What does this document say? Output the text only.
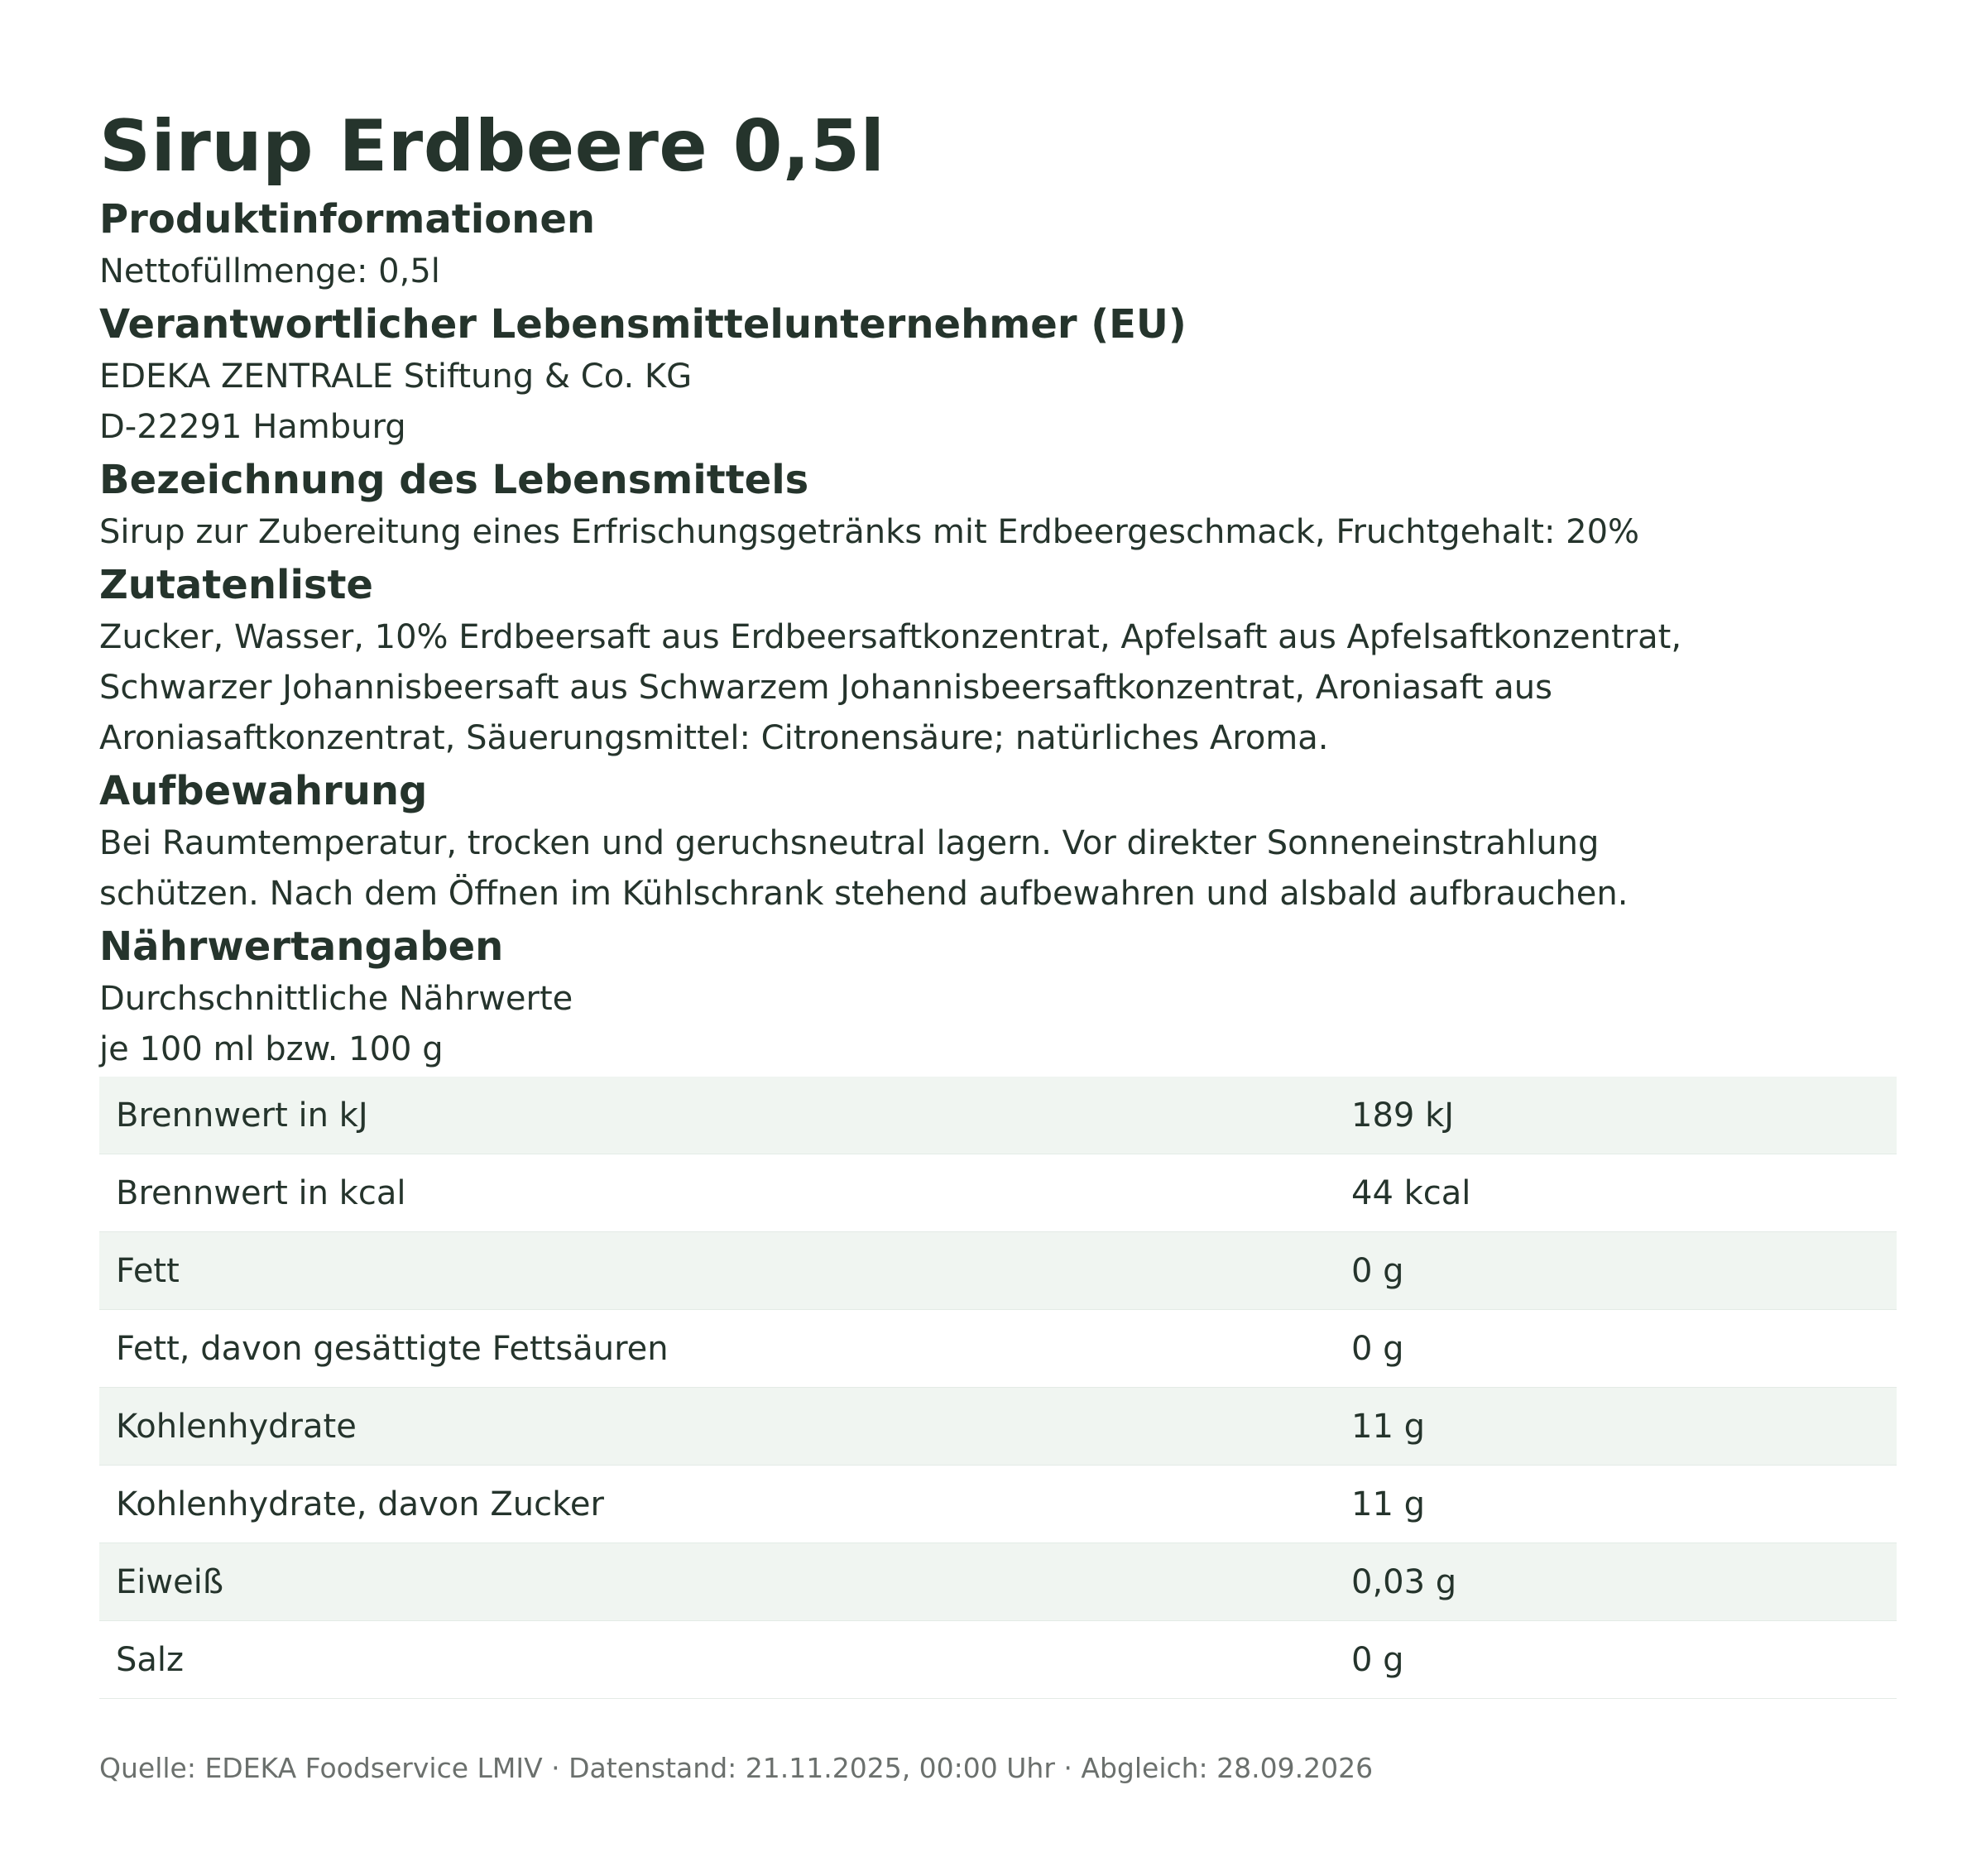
Sirup Erdbeere 0,5l
Produktinformationen

Nettofüllmenge: 0,5l

Verantwortlicher Lebensmittelunternehmer (EU)

EDEKA ZENTRALE Stiftung & Co. KG

D-22291 Hamburg

Bezeichnung des Lebensmittels

Sirup zur Zubereitung eines Erfrischungsgetränks mit Erdbeergeschmack, Fruchtgehalt: 20%

Zutatenliste

Zucker, Wasser, 10% Erdbeersaft aus Erdbeersaftkonzentrat, Apfelsaft aus Apfelsaftkonzentrat,

Schwarzer Johannisbeersaft aus Schwarzem Johannisbeersaftkonzentrat, Aroniasaft aus

Aroniasaftkonzentrat, Säuerungsmittel: Citronensäure; natürliches Aroma.

Aufbewahrung

Bei Raumtemperatur, trocken und geruchsneutral lagern. Vor direkter Sonneneinstrahlung

schützen. Nach dem Öffnen im Kühlschrank stehend aufbewahren und alsbald aufbrauchen.

Nährwertangaben

Durchschnittliche Nährwerte

je 100 ml bzw. 100 g

Brennwert in kJ	189 kJ
Brennwert in kcal	44 kcal
Fett	0 g
Fett, davon gesättigte Fettsäuren	0 g
Kohlenhydrate	11 g
Kohlenhydrate, davon Zucker	11 g
Eiweiß	0,03 g
Salz	0 g

Quelle: EDEKA Foodservice LMIV · Datenstand: 21.11.2025, 00:00 Uhr · Abgleich: 28.09.2026
